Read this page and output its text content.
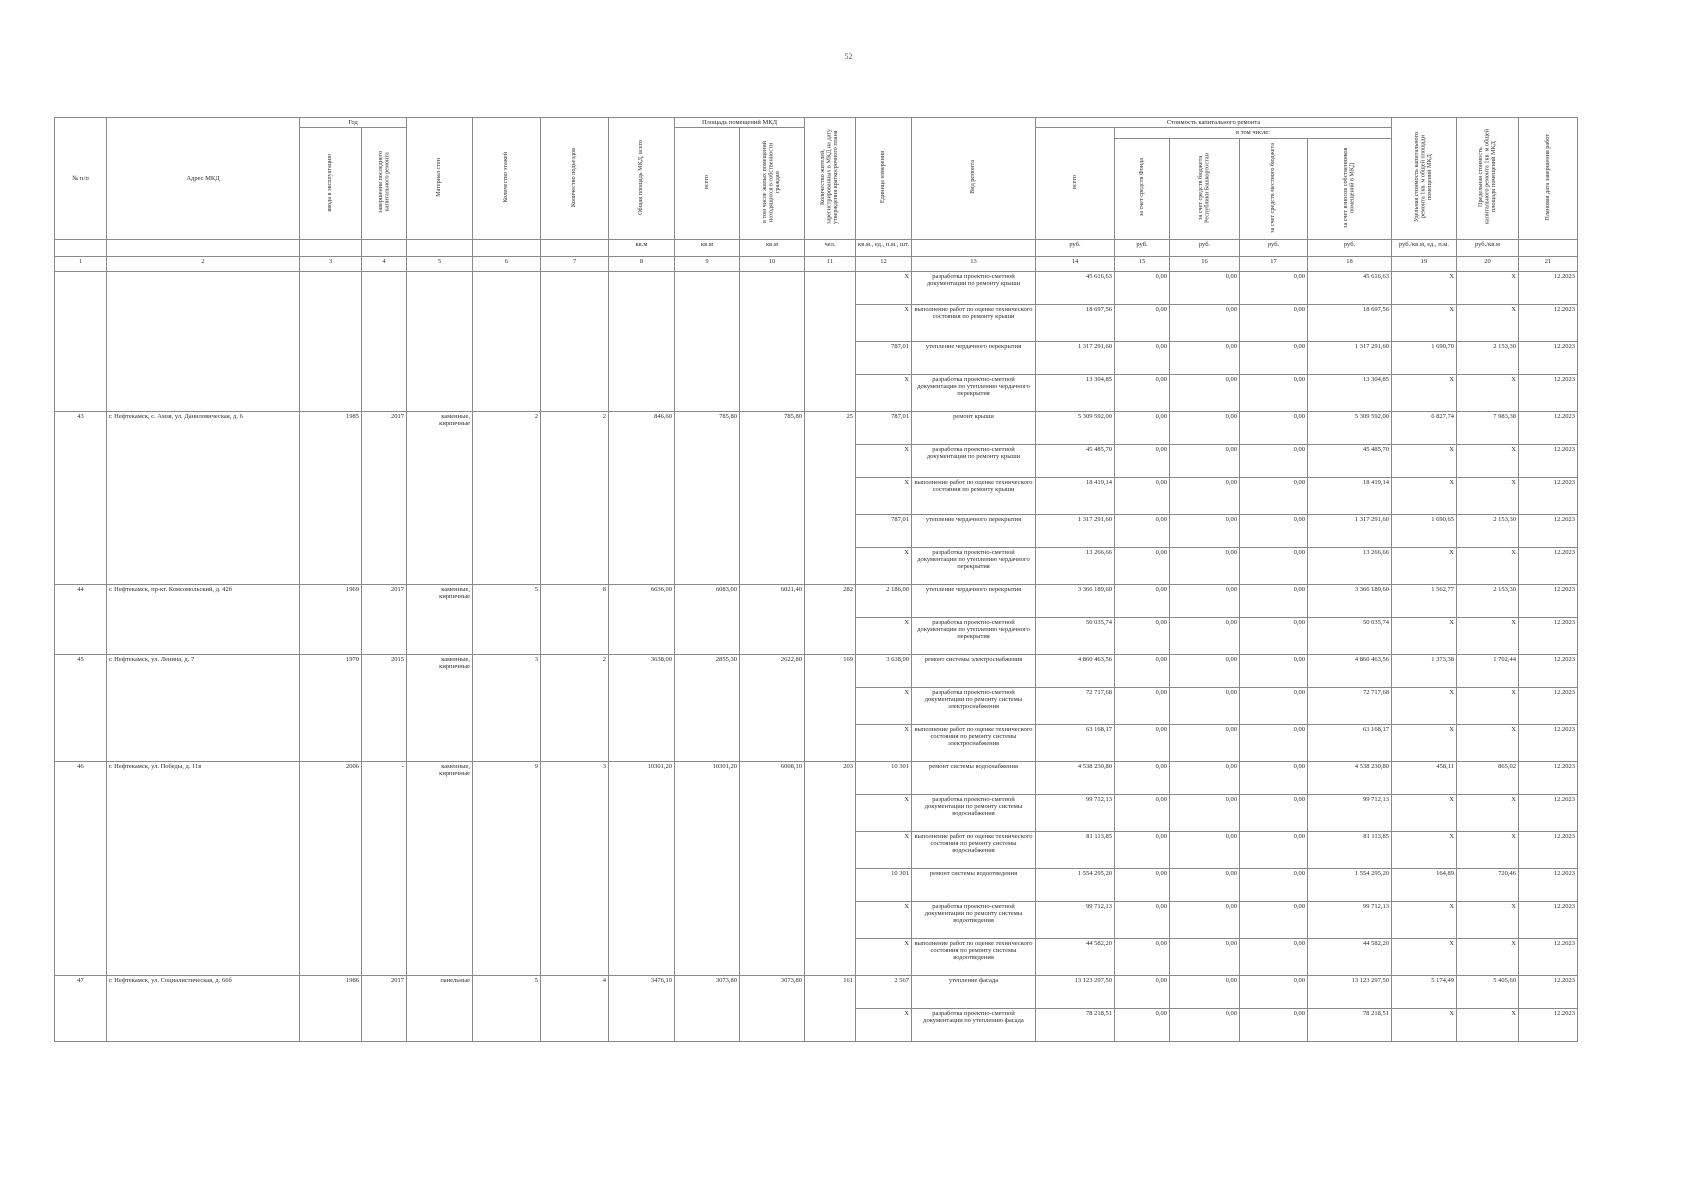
52
№ п/п	Адрес МКД	Год		Материал стен	Количество этажей	Количество подъездов	Общая площадь МКД, всего	Площадь помещений МКД		Количество жителей, зарегистрированных в МКД на дату утверждения краткосрочного плана	Единица измерения	Вид ремонта	Стоимость капитального ремонта					Удельная стоимость капитального ремонта 1кв. м общей площади помещений МКД	Предельная стоимость капитального ремонта 1кв. м общей площади помещений МКД	Плановая дата завершения работ
		ввода в эксплуатацию	завершения последнего капитального ремонта					всего	в том числе жилых помещений находящихся в собственности граждан				всего	в том числе:						
														за счет средств Фонда	за счет средств бюджета Республики Башкортостан	за счет средств местного бюджета	за счет взносов собственников помещений в МКД			
							кв.м	кв.м	кв.м	чел.	кв.м., ед., п.м., шт.		руб.	руб.	руб.	руб.	руб.	руб./кв.м, ед., п.м.	руб./кв.м	
1	2	3	4	5	6	7	8	9	10	11	12	13	14	15	16	17	18	19	20	21
											X	разработка проектно-сметной документации по ремонту крыши	45 616,63	0,00	0,00	0,00	45 616,63	X	X	12.2023
											X	выполнение работ по оценке технического состояния по ремонту крыши	18 697,56	0,00	0,00	0,00	18 697,56	X	X	12.2023
											787,01	утепление чердачного перекрытия	1 317 291,60	0,00	0,00	0,00	1 317 291,60	1 690,70	2 153,30	12.2023
											X	разработка проектно-сметной документации по утеплению чердачного перекрытия	13 304,85	0,00	0,00	0,00	13 304,85	X	X	12.2023
43	г. Нефтекамск, с. Амзя, ул. Даниловическая, д. 6	1985	2017	каменные, кирпичные	2	2	846,60	785,80	785,80	25	787,01	ремонт крыши	5 309 592,00	0,00	0,00	0,00	5 309 592,00	6 827,74	7 983,38	12.2023
											X	разработка проектно-сметной документации по ремонту крыши	45 485,70	0,00	0,00	0,00	45 485,70	X	X	12.2023
											X	выполнение работ по оценке технического состояния по ремонту крыши	18 419,14	0,00	0,00	0,00	18 419,14	X	X	12.2023
											787,01	утепление чердачного перекрытия	1 317 291,60	0,00	0,00	0,00	1 317 291,60	1 690,65	2 153,30	12.2023
											X	разработка проектно-сметной документации по утеплению чердачного перекрытия	13 266,66	0,00	0,00	0,00	13 266,66	X	X	12.2023
44	г. Нефтекамск, пр-кт. Комсомольский, д. 42б	1969	2017	каменные, кирпичные	5	8	6636,00	6083,00	6021,40	282	2 186,00	утепление чердачного перекрытия	3 366 189,60	0,00	0,00	0,00	3 366 189,60	1 562,77	2 153,30	12.2023
											X	разработка проектно-сметной документации по утеплению чердачного перекрытия	50 035,74	0,00	0,00	0,00	50 035,74	X	X	12.2023
45	г. Нефтекамск, ул. Ленина, д. 7	1970	2015	каменные, кирпичные	3	2	3638,00	2855,30	2622,80	169	3 638,00	ремонт системы электроснабжения	4 860 463,56	0,00	0,00	0,00	4 860 463,56	1 373,38	1 702,44	12.2023
											X	разработка проектно-сметной документации по ремонту системы электроснабжения	72 717,68	0,00	0,00	0,00	72 717,68	X	X	12.2023
											X	выполнение работ по оценке технического состояния по ремонту системы электроснабжения	63 168,17	0,00	0,00	0,00	63 168,17	X	X	12.2023
46	г. Нефтекамск, ул. Победы, д. 11в	2006	-	каменные, кирпичные	9	3	10301,20	10301,20	6008,10	203	10 301	ремонт системы водоснабжения	4 538 230,80	0,00	0,00	0,00	4 538 230,80	458,11	865,02	12.2023
											X	разработка проектно-сметной документации по ремонту системы водоснабжения	99 712,13	0,00	0,00	0,00	99 712,13	X	X	12.2023
											X	выполнение работ по оценке технического состояния по ремонту системы водоснабжения	81 113,85	0,00	0,00	0,00	81 113,85	X	X	12.2023
											10 301	ремонт системы водоотведения	1 554 295,20	0,00	0,00	0,00	1 554 295,20	164,89	720,46	12.2023
											X	разработка проектно-сметной документации по ремонту системы водоотведения	99 712,13	0,00	0,00	0,00	99 712,13	X	X	12.2023
											X	выполнение работ по оценке технического состояния по ремонту системы водоотведения	44 582,20	0,00	0,00	0,00	44 582,20	X	X	12.2023
47	г. Нефтекамск, ул. Социалистическая, д. 66б	1986	2017	панельные	5	4	3476,10	3073,80	3073,80	161	2 567	утепление фасада	13 123 297,50	0,00	0,00	0,00	13 123 297,50	5 174,49	5 405,60	12.2023
											X	разработка проектно-сметной документации по утеплению фасада	78 218,51	0,00	0,00	0,00	78 218,51	X	X	12.2023
